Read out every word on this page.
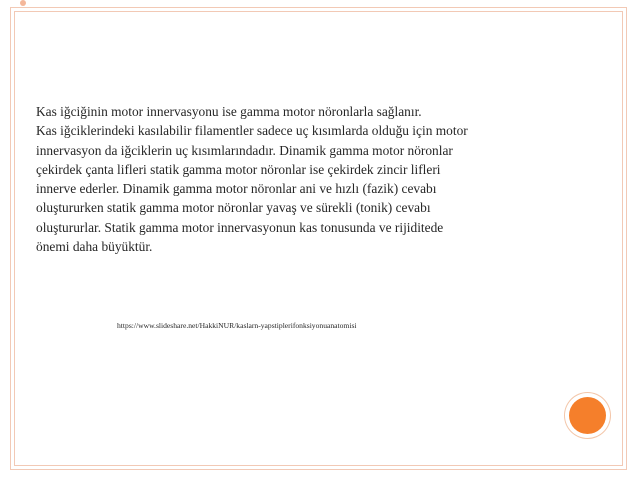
Kas iğciğinin motor innervasyonu ise gamma motor nöronlarla sağlanır.
Kas iğciklerindeki kasılabilir filamentler sadece uç kısımlarda olduğu için motor
innervasyon da iğciklerin uç kısımlarındadır. Dinamik gamma motor nöronlar
çekirdek çanta lifleri statik gamma motor nöronlar ise çekirdek zincir lifleri
innerve ederler. Dinamik gamma motor nöronlar ani ve hızlı (fazik) cevabı
oluştururken statik gamma motor nöronlar yavaş ve sürekli (tonik) cevabı
oluştururlar. Statik gamma motor innervasyonun kas tonusunda ve rijiditede
önemi daha büyüktür.
https://www.slideshare.net/HakkiNUR/kaslarn-yapstiplerifonksiyonuanatomisi
